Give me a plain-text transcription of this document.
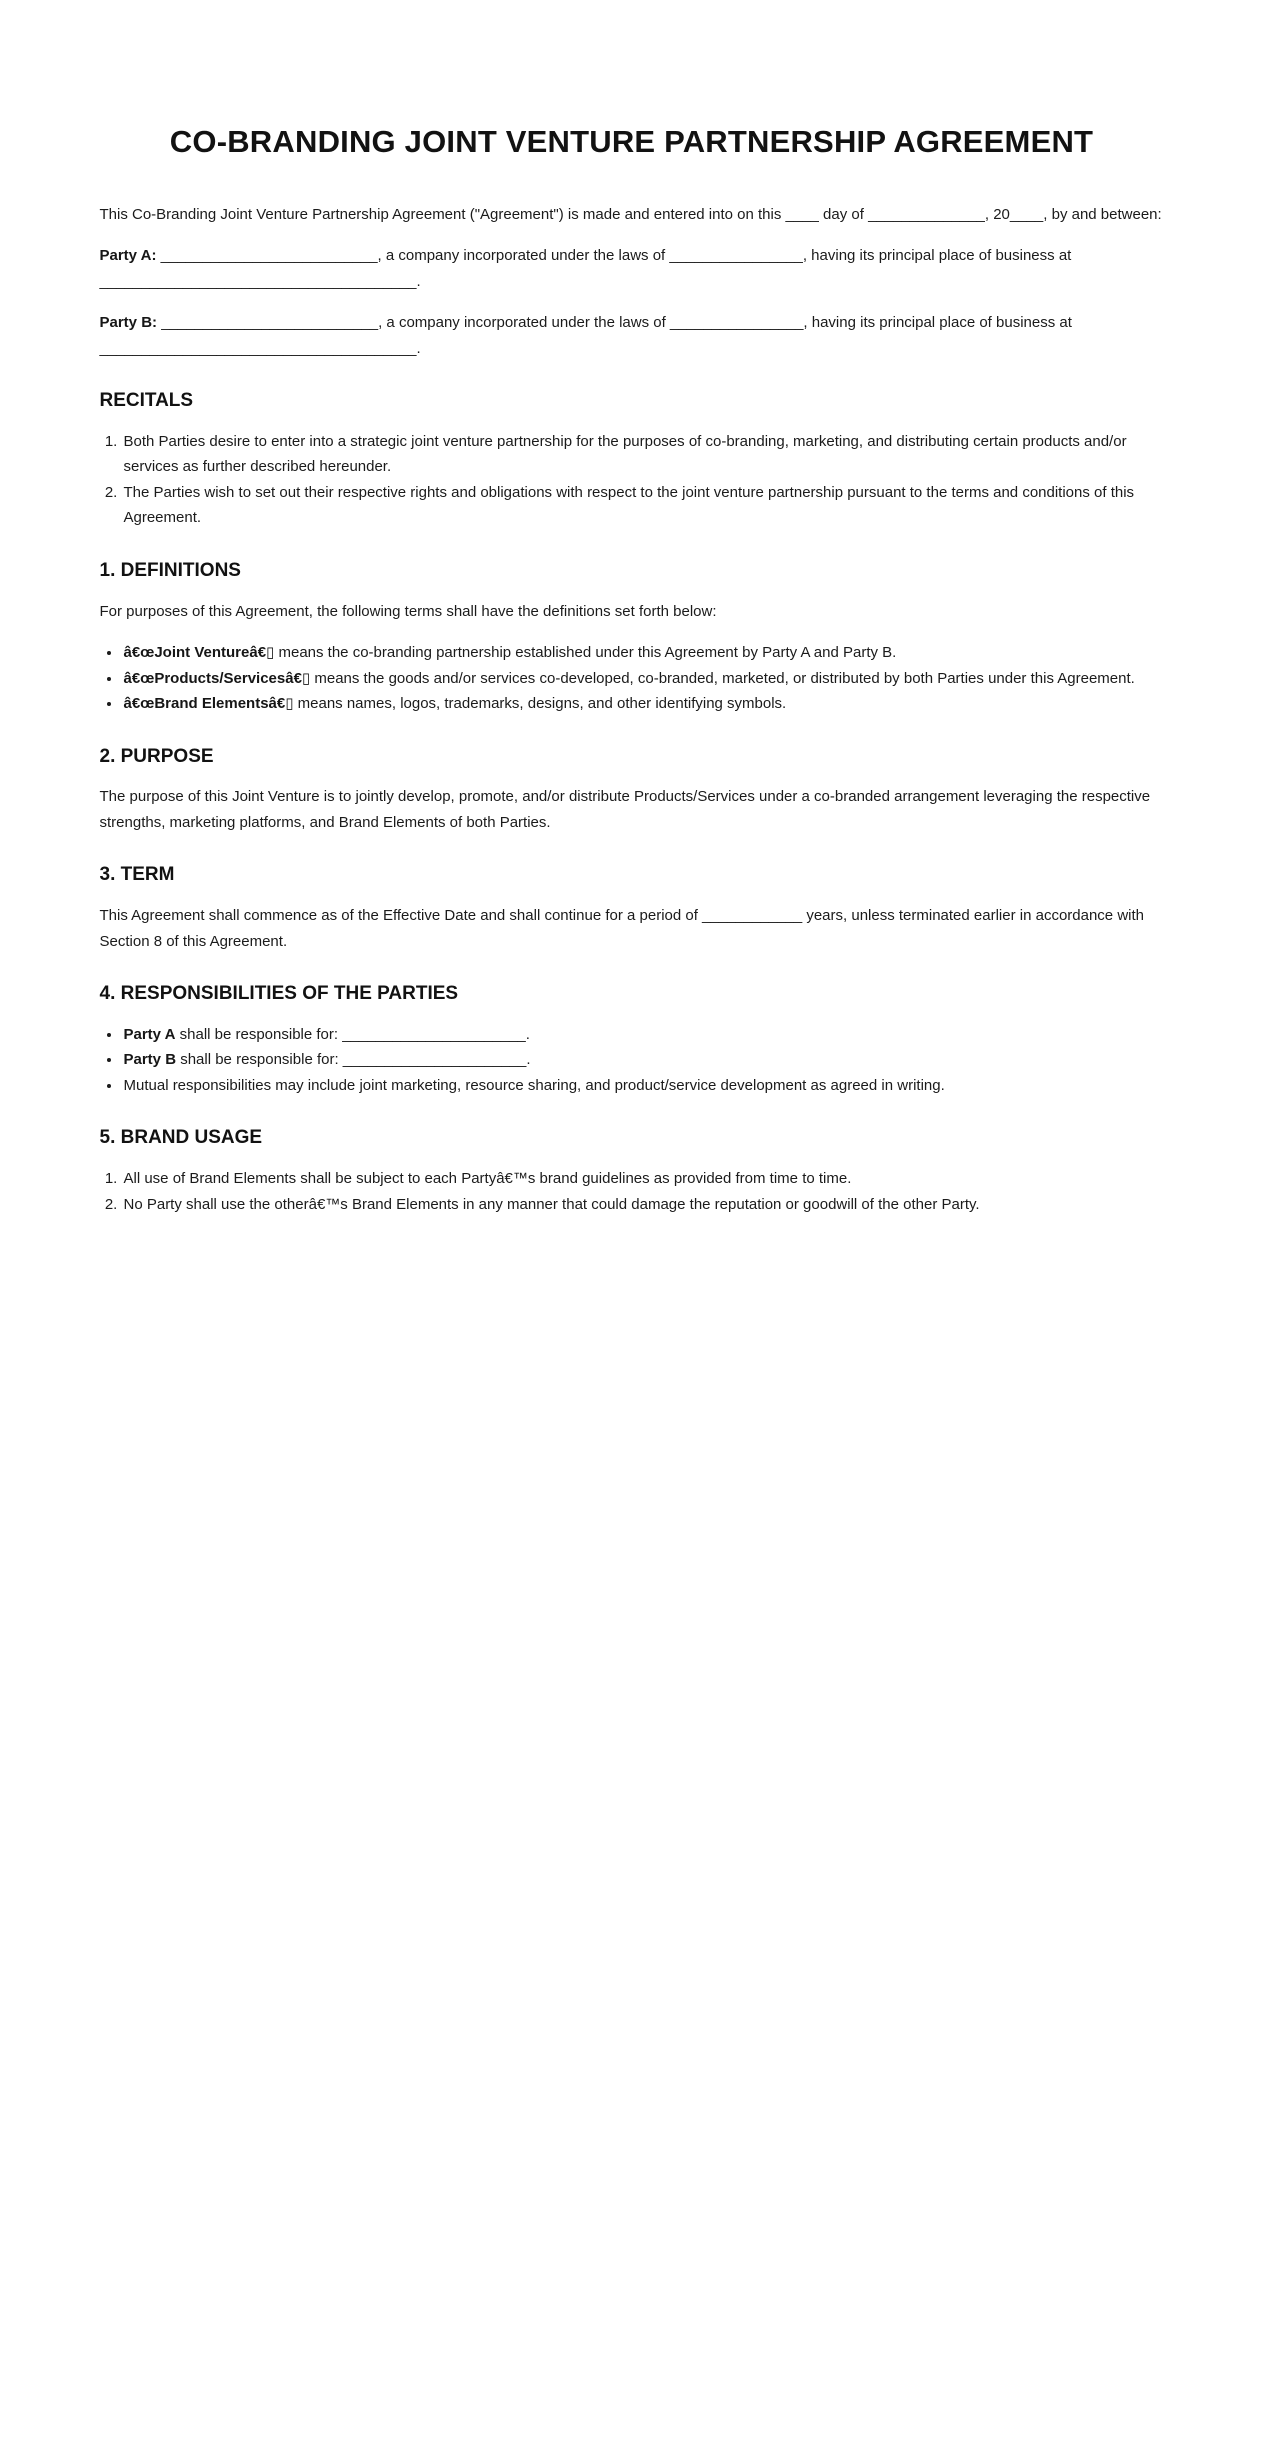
CO-BRANDING JOINT VENTURE PARTNERSHIP AGREEMENT

This Co-Branding Joint Venture Partnership Agreement ("Agreement") is made and entered into on this ____ day of ______________, 20____, by and between:

Party A: __________________________, a company incorporated under the laws of ________________, having its principal place of business at ______________________________________.

Party B: __________________________, a company incorporated under the laws of ________________, having its principal place of business at ______________________________________.

RECITALS
1. Both Parties desire to enter into a strategic joint venture partnership for the purposes of co-branding, marketing, and distributing certain products and/or services as further described hereunder.
2. The Parties wish to set out their respective rights and obligations with respect to the joint venture partnership pursuant to the terms and conditions of this Agreement.
1. DEFINITIONS

For purposes of this Agreement, the following terms shall have the definitions set forth below:

• â€œJoint Ventureâ€▯ means the co-branding partnership established under this Agreement by Party A and Party B.
• â€œProducts/Servicesâ€▯ means the goods and/or services co-developed, co-branded, marketed, or distributed by both Parties under this Agreement.
• â€œBrand Elementsâ€▯ means names, logos, trademarks, designs, and other identifying symbols.
2. PURPOSE

The purpose of this Joint Venture is to jointly develop, promote, and/or distribute Products/Services under a co-branded arrangement leveraging the respective strengths, marketing platforms, and Brand Elements of both Parties.

3. TERM

This Agreement shall commence as of the Effective Date and shall continue for a period of ____________ years, unless terminated earlier in accordance with Section 8 of this Agreement.

4. RESPONSIBILITIES OF THE PARTIES
• Party A shall be responsible for: ______________________.
• Party B shall be responsible for: ______________________.
• Mutual responsibilities may include joint marketing, resource sharing, and product/service development as agreed in writing.
5. BRAND USAGE
1. All use of Brand Elements shall be subject to each Partyâ€™s brand guidelines as provided from time to time.
2. No Party shall use the otherâ€™s Brand Elements in any manner that could damage the reputation or goodwill of the other Party.
